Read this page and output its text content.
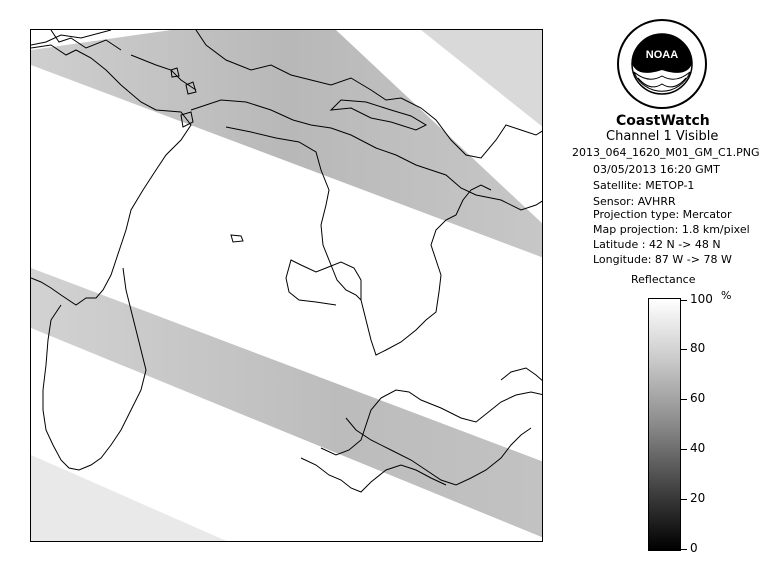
NOAA
CoastWatch
Channel 1 Visible
2013_064_1620_M01_GM_C1.PNG
03/05/2013 16:20 GMT
Satellite: METOP-1
Sensor: AVHRR
Projection type: Mercator
Map projection: 1.8 km/pixel
Latitude : 42 N -> 48 N
Longitude: 87 W -> 78 W
Reflectance
%
100
80
60
40
20
0
